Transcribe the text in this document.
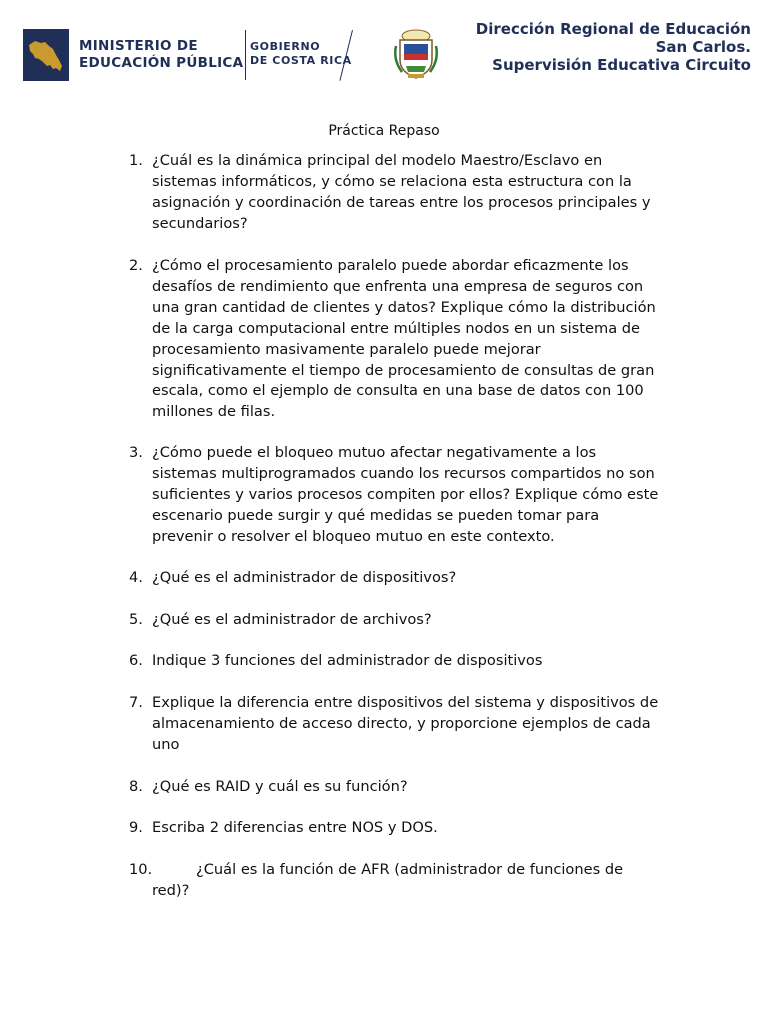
MINISTERIO DE
EDUCACIÓN PÚBLICA
GOBIERNO
DE COSTA RICA
Dirección Regional de Educación
San Carlos.
Supervisión Educativa Circuito
Práctica Repaso
1. ¿Cuál es la dinámica principal del modelo Maestro/Esclavo en sistemas informáticos, y cómo se relaciona esta estructura con la asignación y coordinación de tareas entre los procesos principales y secundarios?
2. ¿Cómo el procesamiento paralelo puede abordar eficazmente los desafíos de rendimiento que enfrenta una empresa de seguros con una gran cantidad de clientes y datos? Explique cómo la distribución de la carga computacional entre múltiples nodos en un sistema de procesamiento masivamente paralelo puede mejorar significativamente el tiempo de procesamiento de consultas de gran escala, como el ejemplo de consulta en una base de datos con 100 millones de filas.
3. ¿Cómo puede el bloqueo mutuo afectar negativamente a los sistemas multiprogramados cuando los recursos compartidos no son suficientes y varios procesos compiten por ellos? Explique cómo este escenario puede surgir y qué medidas se pueden tomar para prevenir o resolver el bloqueo mutuo en este contexto.
4. ¿Qué es el administrador de dispositivos?
5. ¿Qué es el administrador de archivos?
6. Indique 3 funciones del administrador de dispositivos
7. Explique la diferencia entre dispositivos del sistema y dispositivos de almacenamiento de acceso directo, y proporcione ejemplos de cada uno
8. ¿Qué es RAID y cuál es su función?
9. Escriba 2 diferencias entre NOS y DOS.
10.	¿Cuál es la función de AFR (administrador de funciones de red)?
